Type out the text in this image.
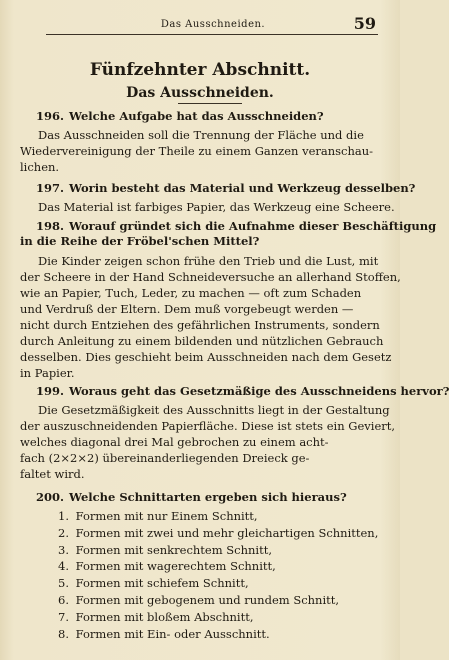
Das Ausschneiden.	59
Fünfzehnter Abschnitt.
Das Ausschneiden.
196. Welche Aufgabe hat das Ausschneiden?
Das Ausschneiden soll die Trennung der Fläche und die
Wiedervereinigung der Theile zu einem Ganzen veranschau-
lichen.
197. Worin besteht das Material und Werkzeug desselben?
Das Material ist farbiges Papier, das Werkzeug eine Scheere.
198. Worauf gründet sich die Aufnahme dieser Beschäftigung
in die Reihe der Fröbel'schen Mittel?
Die Kinder zeigen schon frühe den Trieb und die Lust, mit
der Scheere in der Hand Schneideversuche an allerhand Stoffen,
wie an Papier, Tuch, Leder, zu machen — oft zum Schaden
und Verdruß der Eltern. Dem muß vorgebeugt werden —
nicht durch Entziehen des gefährlichen Instruments, sondern
durch Anleitung zu einem bildenden und nützlichen Gebrauch
desselben. Dies geschieht beim Ausschneiden nach dem Gesetz
in Papier.
199. Woraus geht das Gesetzmäßige des Ausschneidens hervor?
Die Gesetzmäßigkeit des Ausschnitts liegt in der Gestaltung
der auszuschneidenden Papierfläche. Diese ist stets ein Geviert,
welches diagonal drei Mal gebrochen zu einem acht-
fach (2×2×2) übereinanderliegenden Dreieck ge-
faltet wird.
200. Welche Schnittarten ergeben sich hieraus?
1. Formen mit nur Einem Schnitt,
2. Formen mit zwei und mehr gleichartigen Schnitten,
3. Formen mit senkrechtem Schnitt,
4. Formen mit wagerechtem Schnitt,
5. Formen mit schiefem Schnitt,
6. Formen mit gebogenem und rundem Schnitt,
7. Formen mit bloßem Abschnitt,
8. Formen mit Ein- oder Ausschnitt.
